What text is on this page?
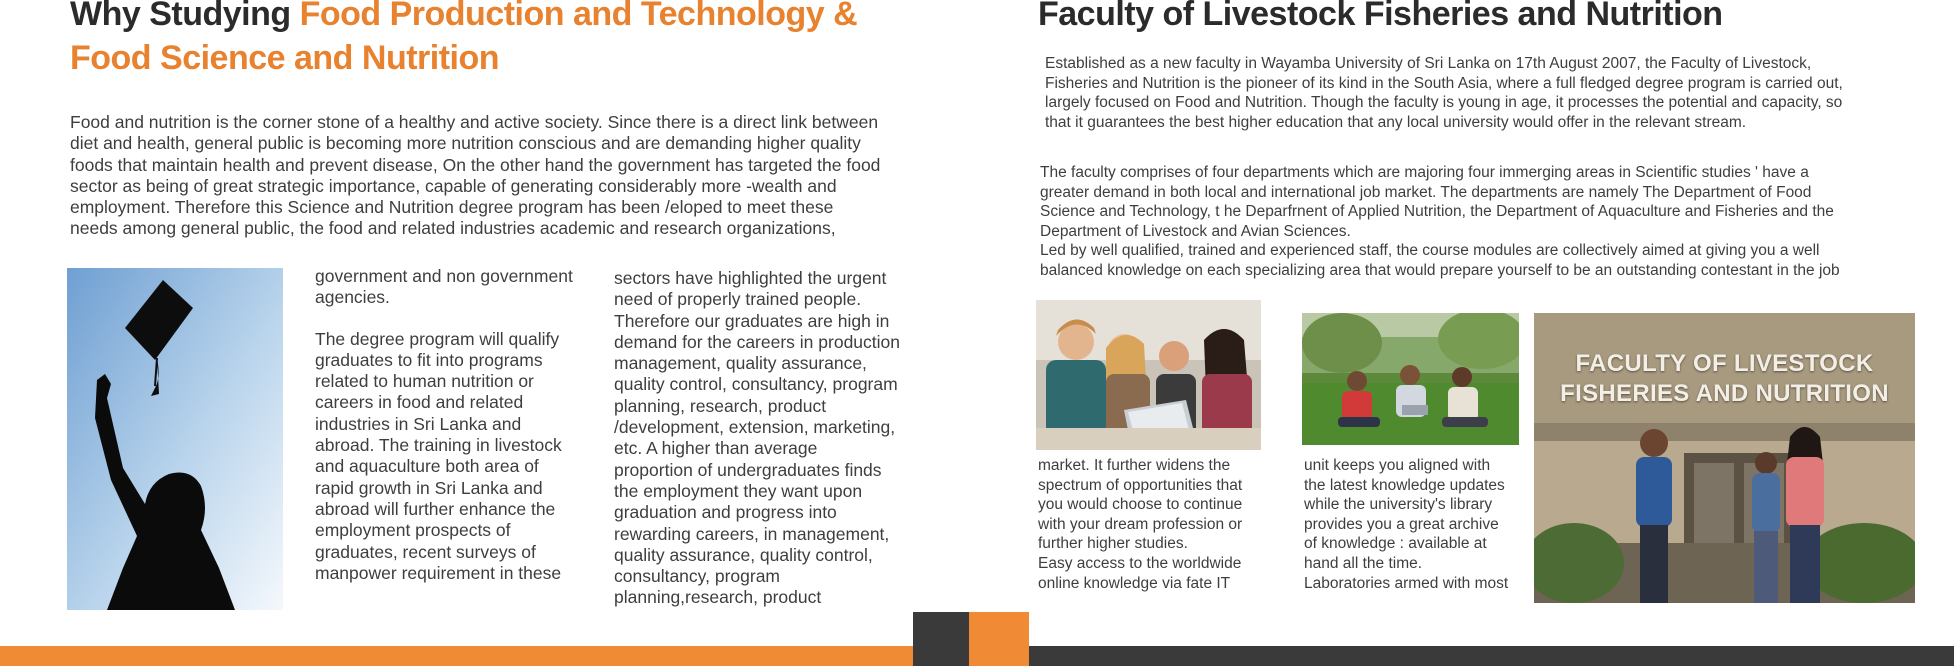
Why Studying Food Production and Technology &
Food Science and Nutrition
Food and nutrition is the corner stone of a healthy and active society. Since there is a direct link between
diet and health, general public is becoming more nutrition conscious and are demanding higher quality
foods that maintain health and prevent disease, On the other hand the government has targeted the food
sector as being of great strategic importance, capable of generating considerably more -wealth and
employment. Therefore this Science and Nutrition degree program has been /eloped to meet these
needs among general public, the food and related industries academic and research organizations,
government and non government
agencies.
The degree program will qualify
graduates to fit into programs
related to human nutrition or
careers in food and related
industries in Sri Lanka and
abroad. The training in livestock
and aquaculture both area of
rapid growth in Sri Lanka and
abroad will further enhance the
employment prospects of
graduates, recent surveys of
manpower requirement in these
sectors have highlighted the urgent
need of properly trained people.
Therefore our graduates are high in
demand for the careers in production
management, quality assurance,
quality control, consultancy, program
planning, research, product
/development, extension, marketing,
etc. A higher than average
proportion of undergraduates finds
the employment they want upon
graduation and progress into
rewarding careers, in management,
quality assurance, quality control,
consultancy, program
planning,research, product
Faculty of Livestock Fisheries and Nutrition
Established as a new faculty in Wayamba University of Sri Lanka on 17th August 2007, the Faculty of Livestock,
Fisheries and Nutrition is the pioneer of its kind in the South Asia, where a full fledged degree program is carried out,
largely focused on Food and Nutrition. Though the faculty is young in age, it processes the potential and capacity, so
that it guarantees the best higher education that any local university would offer in the relevant stream.
The faculty comprises of four departments which are majoring four immerging areas in Scientific studies ' have a
greater demand in both local and international job market. The departments are namely The Department of Food
Science and Technology, t he Deparfrnent of Applied Nutrition, the Department of Aquaculture and Fisheries and the
Department of Livestock and Avian Sciences.
Led by well qualified, trained and experienced staff, the course modules are collectively aimed at giving you a well
balanced knowledge on each specializing area that would prepare yourself to be an outstanding contestant in the job
FACULTY OF LIVESTOCK
FISHERIES AND NUTRITION
market. It further widens the
spectrum of opportunities that
you would choose to continue
with your dream profession or
further higher studies.
Easy access to the worldwide
online knowledge via fate IT
unit keeps you aligned with
the latest knowledge updates
while the university's library
provides you a great archive
of knowledge : available at
hand all the time.
Laboratories armed with most
